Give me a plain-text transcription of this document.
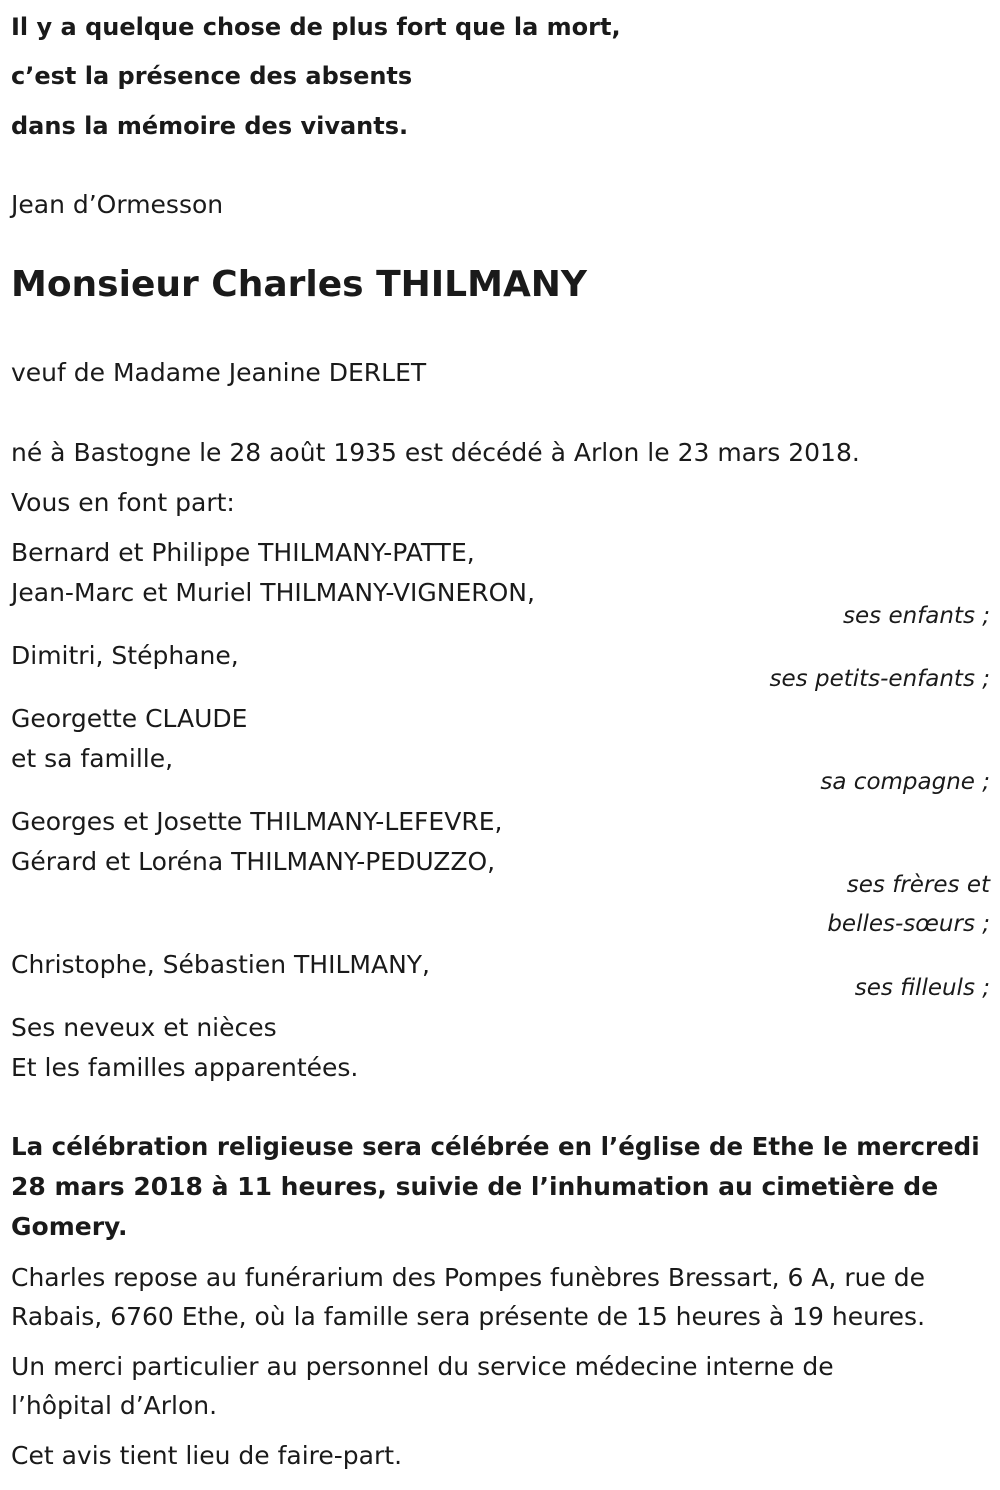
Il y a quelque chose de plus fort que la mort,
c’est la présence des absents
dans la mémoire des vivants.
Jean d’Ormesson
Monsieur Charles THILMANY
veuf de Madame Jeanine DERLET
né à Bastogne le 28 août 1935 est décédé à Arlon le 23 mars 2018.
Vous en font part:
Bernard et Philippe THILMANY-PATTE,
Jean-Marc et Muriel THILMANY-VIGNERON,
ses enfants ;
Dimitri, Stéphane,
ses petits-enfants ;
Georgette CLAUDE
et sa famille,
sa compagne ;
Georges et Josette THILMANY-LEFEVRE,
Gérard et Loréna THILMANY-PEDUZZO,
ses frères et
belles-sœurs ;
Christophe, Sébastien THILMANY,
ses filleuls ;
Ses neveux et nièces
Et les familles apparentées.
La célébration religieuse sera célébrée en l’église de Ethe le mercredi
28 mars 2018 à 11 heures, suivie de l’inhumation au cimetière de
Gomery.
Charles repose au funérarium des Pompes funèbres Bressart, 6 A, rue de
Rabais, 6760 Ethe, où la famille sera présente de 15 heures à 19 heures.
Un merci particulier au personnel du service médecine interne de
l’hôpital d’Arlon.
Cet avis tient lieu de faire-part.
